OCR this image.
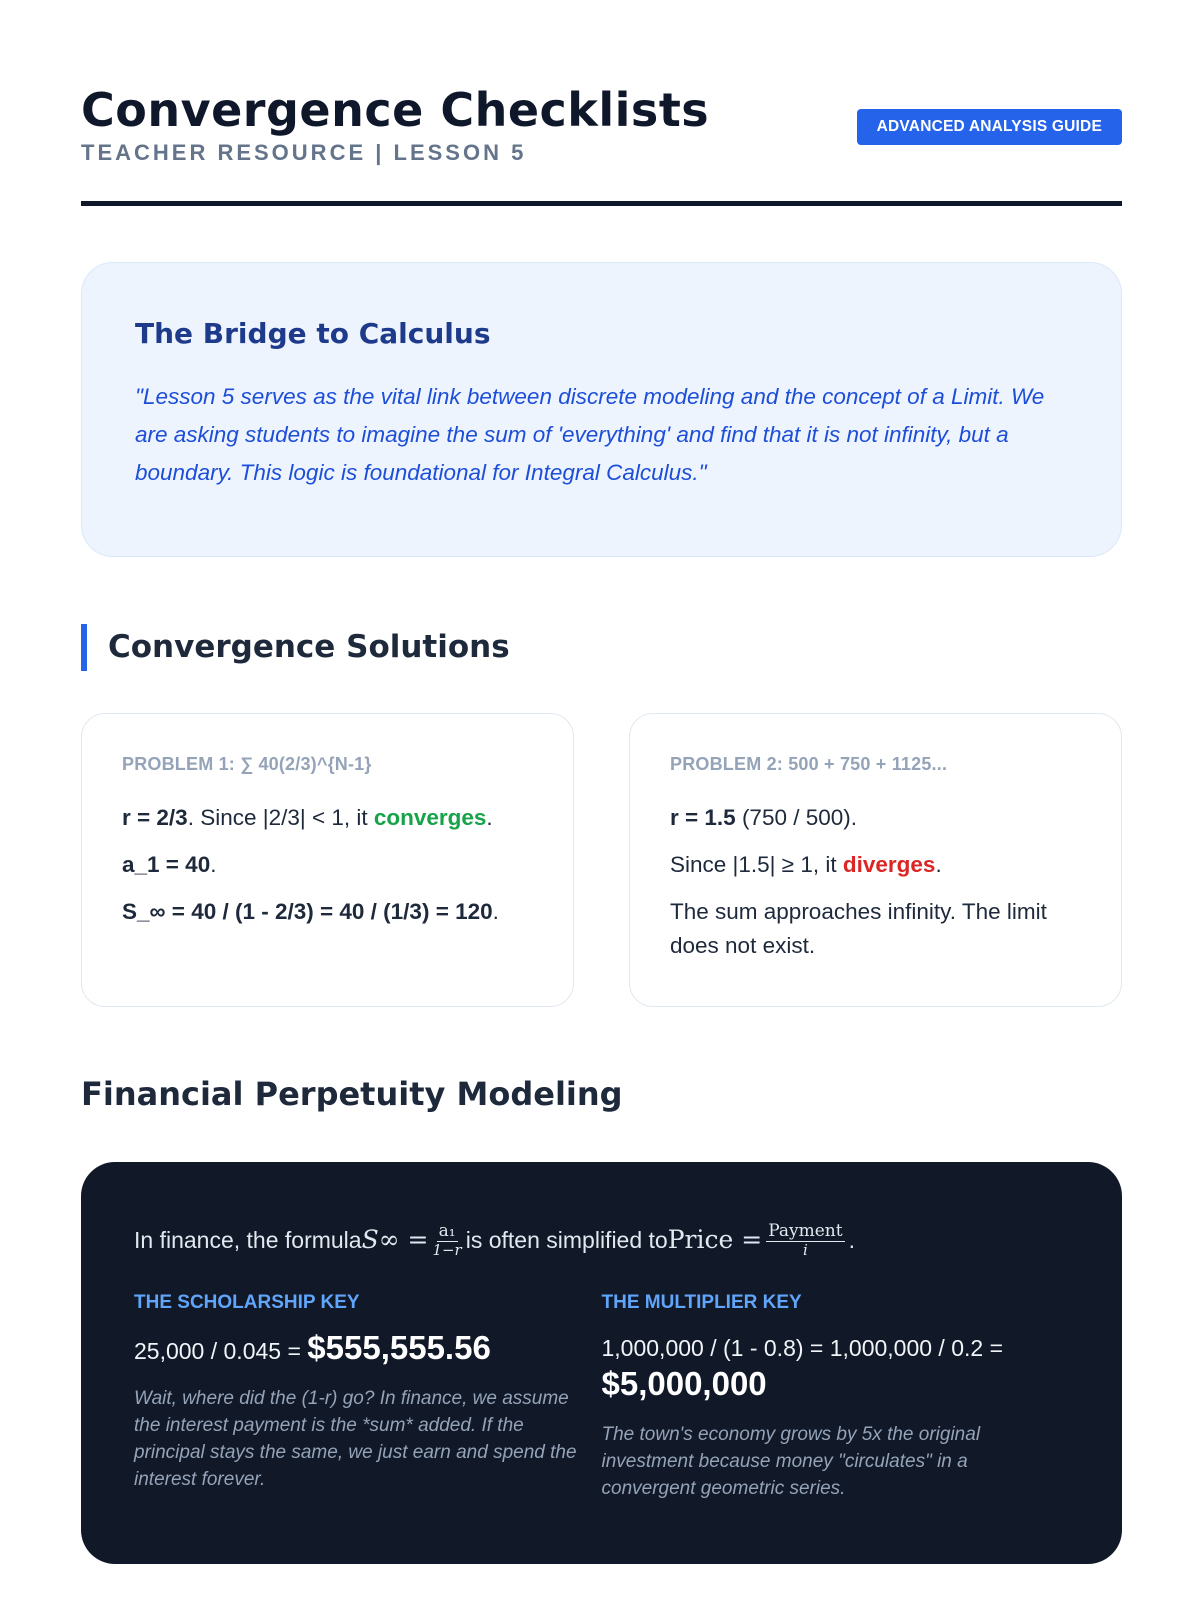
Convergence Checklists
TEACHER RESOURCE | LESSON 5
ADVANCED ANALYSIS GUIDE
The Bridge to Calculus
"Lesson 5 serves as the vital link between discrete modeling and the concept of a Limit. We are asking students to imagine the sum of 'everything' and find that it is not infinity, but a boundary. This logic is foundational for Integral Calculus."
Convergence Solutions
PROBLEM 1: ∑ 40(2/3)^{N-1}
r = 2/3. Since |2/3| < 1, it converges.
a_1 = 40.
S_∞ = 40 / (1 - 2/3) = 40 / (1/3) = 120.
PROBLEM 2: 500 + 750 + 1125...
r = 1.5 (750 / 500).
Since |1.5| ≥ 1, it diverges.
The sum approaches infinity. The limit does not exist.
Financial Perpetuity Modeling
In finance, the formula $S\infty = \frac{\text{a₁}}{1-r}$ is often simplified to Price = $\frac{\text{Payment}}{i}$ .
THE SCHOLARSHIP KEY
25,000 / 0.045 = $555,555.56
Wait, where did the (1-r) go? In finance, we assume the interest payment is the *sum* added. If the principal stays the same, we just earn and spend the interest forever.
THE MULTIPLIER KEY
1,000,000 / (1 - 0.8) = 1,000,000 / 0.2 =
$5,000,000
The town's economy grows by 5x the original investment because money "circulates" in a convergent geometric series.
